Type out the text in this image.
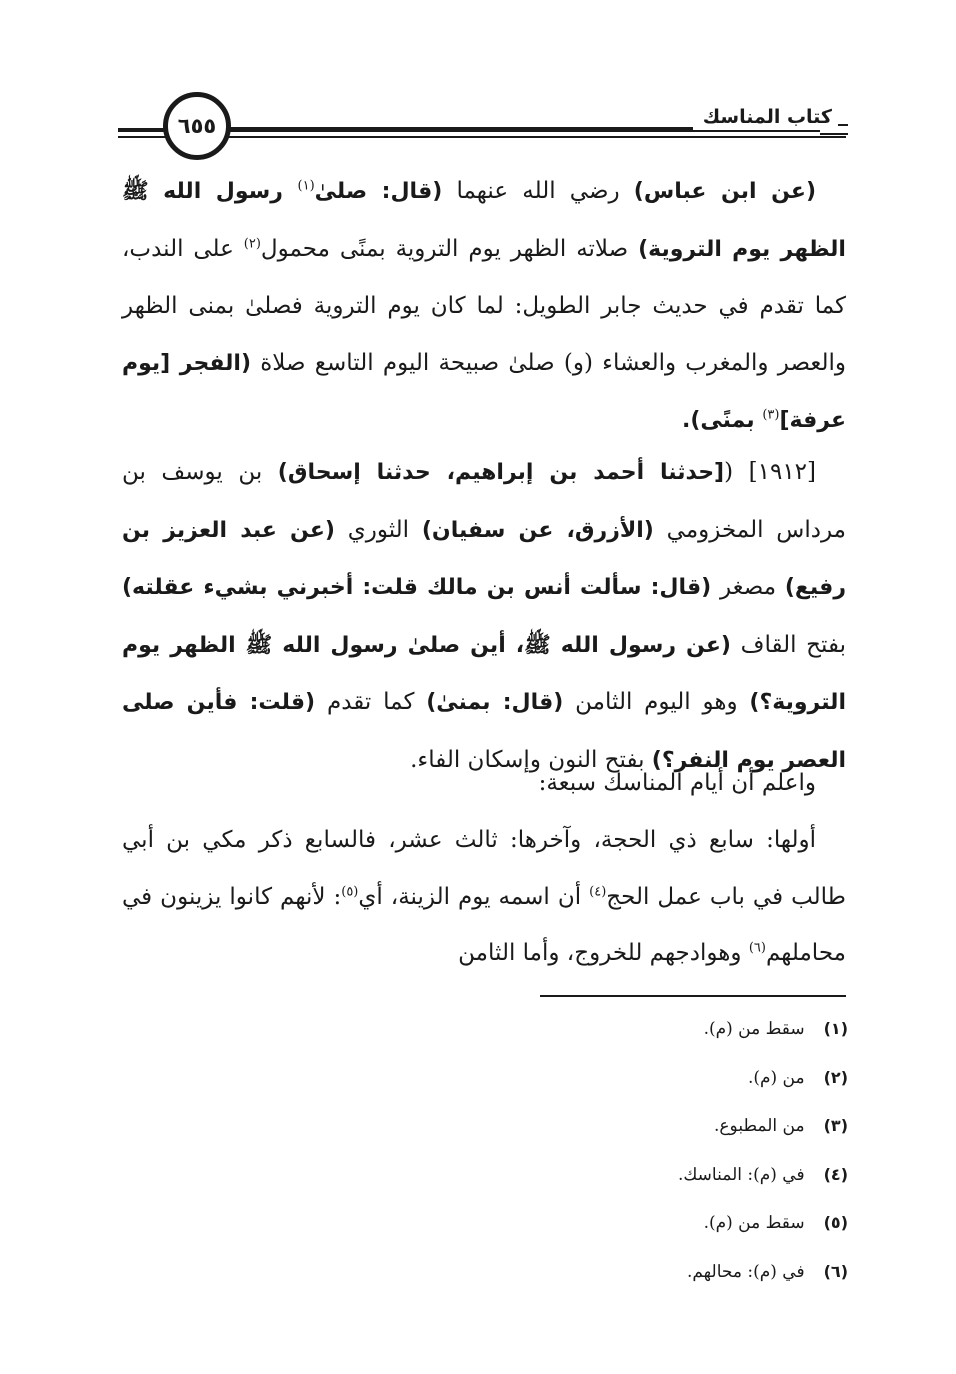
كتاب المناسك
٦٥٥

(عن ابن عباس) رضي الله عنهما (قال: صلىٰ$^{(١)}$ رسول الله ﷺ الظهر يوم التروية) صلاته الظهر يوم التروية بمنًى محمول$^{(٢)}$ على الندب، كما تقدم في حديث جابر الطويل: لما كان يوم التروية فصلىٰ بمنى الظهر والعصر والمغرب والعشاء (و) صلىٰ صبيحة اليوم التاسع صلاة (الفجر [يوم عرفة]$^{(٣)}$ بمنًى).

[١٩١٢] ([حدثنا أحمد بن إبراهيم، حدثنا إسحاق) بن يوسف بن مرداس المخزومي (الأزرق، عن سفيان) الثوري (عن عبد العزيز بن رفيع) مصغر (قال: سألت أنس بن مالك قلت: أخبرني بشيء عقلته) بفتح القاف (عن رسول الله ﷺ، أين صلىٰ رسول الله ﷺ الظهر يوم التروية؟) وهو اليوم الثامن (قال: بمنىٰ) كما تقدم (قلت: فأين صلى العصر يوم النفر؟) بفتح النون وإسكان الفاء.

واعلم أن أيام المناسك سبعة:

أولها: سابع ذي الحجة، وآخرها: ثالث عشر، فالسابع ذكر مكي بن أبي طالب في باب عمل الحج$^{(٤)}$ أن اسمه يوم الزينة، أي$^{(٥)}$: لأنهم كانوا يزينون في محاملهم$^{(٦)}$ وهوادجهم للخروج، وأما الثامن

(١) سقط من (م).
(٢) من (م).
(٣) من المطبوع.
(٤) في (م): المناسك.
(٥) سقط من (م).
(٦) في (م): محالهم.
